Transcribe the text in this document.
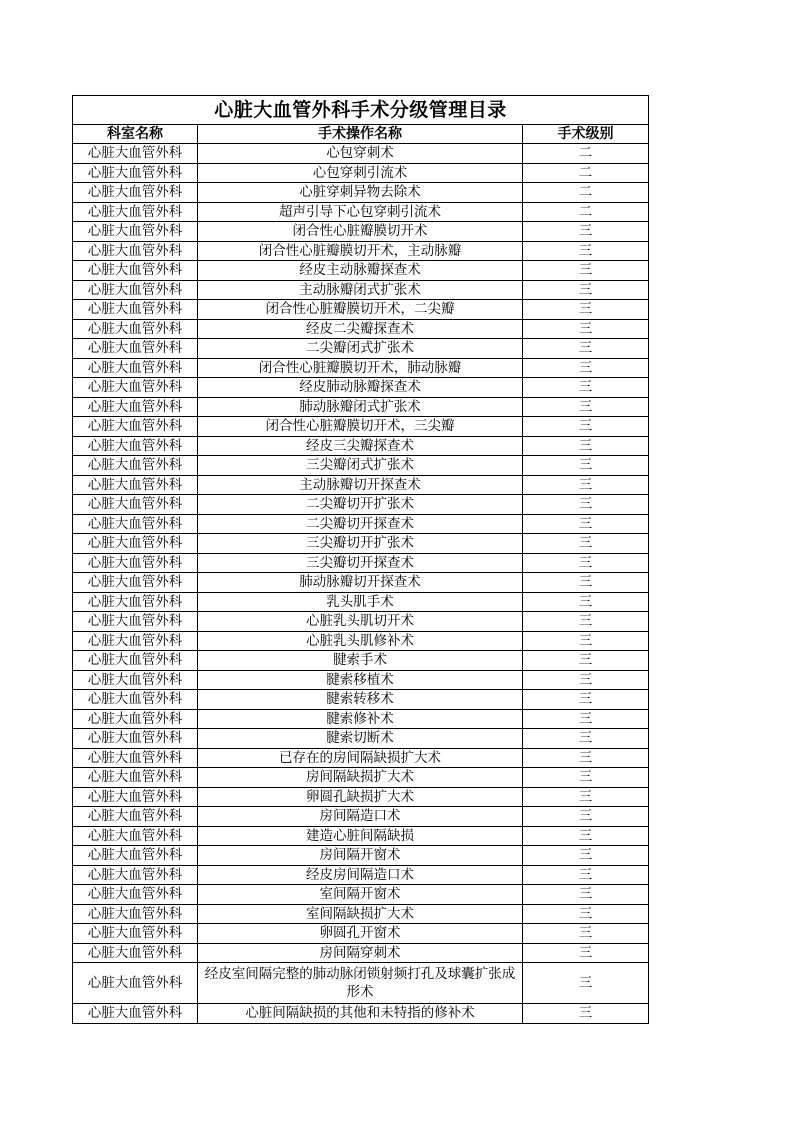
心脏大血管外科手术分级管理目录		
科室名称	手术操作名称	手术级别
心脏大血管外科	心包穿刺术	二
心脏大血管外科	心包穿刺引流术	二
心脏大血管外科	心脏穿刺异物去除术	二
心脏大血管外科	超声引导下心包穿刺引流术	二
心脏大血管外科	闭合性心脏瓣膜切开术	三
心脏大血管外科	闭合性心脏瓣膜切开术，主动脉瓣	三
心脏大血管外科	经皮主动脉瓣探查术	三
心脏大血管外科	主动脉瓣闭式扩张术	三
心脏大血管外科	闭合性心脏瓣膜切开术，二尖瓣	三
心脏大血管外科	经皮二尖瓣探查术	三
心脏大血管外科	二尖瓣闭式扩张术	三
心脏大血管外科	闭合性心脏瓣膜切开术，肺动脉瓣	三
心脏大血管外科	经皮肺动脉瓣探查术	三
心脏大血管外科	肺动脉瓣闭式扩张术	三
心脏大血管外科	闭合性心脏瓣膜切开术，三尖瓣	三
心脏大血管外科	经皮三尖瓣探查术	三
心脏大血管外科	三尖瓣闭式扩张术	三
心脏大血管外科	主动脉瓣切开探查术	三
心脏大血管外科	二尖瓣切开扩张术	三
心脏大血管外科	二尖瓣切开探查术	三
心脏大血管外科	三尖瓣切开扩张术	三
心脏大血管外科	三尖瓣切开探查术	三
心脏大血管外科	肺动脉瓣切开探查术	三
心脏大血管外科	乳头肌手术	三
心脏大血管外科	心脏乳头肌切开术	三
心脏大血管外科	心脏乳头肌修补术	三
心脏大血管外科	腱索手术	三
心脏大血管外科	腱索移植术	三
心脏大血管外科	腱索转移术	三
心脏大血管外科	腱索修补术	三
心脏大血管外科	腱索切断术	三
心脏大血管外科	已存在的房间隔缺损扩大术	三
心脏大血管外科	房间隔缺损扩大术	三
心脏大血管外科	卵圆孔缺损扩大术	三
心脏大血管外科	房间隔造口术	三
心脏大血管外科	建造心脏间隔缺损	三
心脏大血管外科	房间隔开窗术	三
心脏大血管外科	经皮房间隔造口术	三
心脏大血管外科	室间隔开窗术	三
心脏大血管外科	室间隔缺损扩大术	三
心脏大血管外科	卵圆孔开窗术	三
心脏大血管外科	房间隔穿刺术	三
心脏大血管外科	经皮室间隔完整的肺动脉闭锁射频打孔及球囊扩张成形术	三
心脏大血管外科	心脏间隔缺损的其他和未特指的修补术	三
